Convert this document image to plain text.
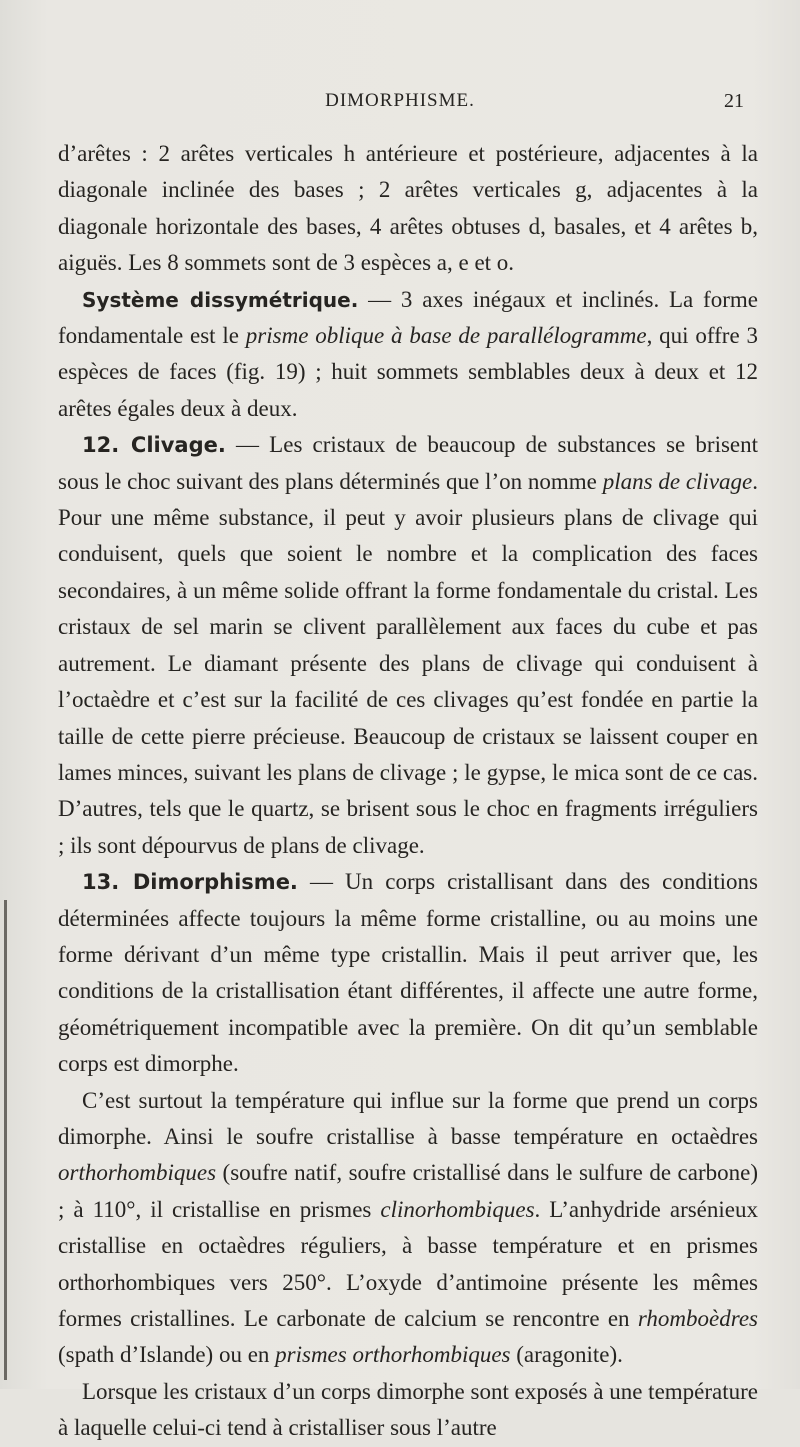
DIMORPHISME.	21

d’arêtes : 2 arêtes verticales h antérieure et postérieure, adjacentes à la diagonale inclinée des bases ; 2 arêtes verticales g, adjacentes à la diagonale horizontale des bases, 4 arêtes obtuses d, basales, et 4 arêtes b, aiguës. Les 8 sommets sont de 3 espèces a, e et o.

Système dissymétrique. — 3 axes inégaux et inclinés. La forme fondamentale est le prisme oblique à base de parallélogramme, qui offre 3 espèces de faces (fig. 19) ; huit sommets semblables deux à deux et 12 arêtes égales deux à deux.

12. Clivage. — Les cristaux de beaucoup de substances se brisent sous le choc suivant des plans déterminés que l’on nomme plans de clivage. Pour une même substance, il peut y avoir plusieurs plans de clivage qui conduisent, quels que soient le nombre et la complication des faces secondaires, à un même solide offrant la forme fondamentale du cristal. Les cristaux de sel marin se clivent parallèlement aux faces du cube et pas autrement. Le diamant présente des plans de clivage qui conduisent à l’octaèdre et c’est sur la facilité de ces clivages qu’est fondée en partie la taille de cette pierre précieuse. Beaucoup de cristaux se laissent couper en lames minces, suivant les plans de clivage ; le gypse, le mica sont de ce cas. D’autres, tels que le quartz, se brisent sous le choc en fragments irréguliers ; ils sont dépourvus de plans de clivage.

13. Dimorphisme. — Un corps cristallisant dans des conditions déterminées affecte toujours la même forme cristalline, ou au moins une forme dérivant d’un même type cristallin. Mais il peut arriver que, les conditions de la cristallisation étant différentes, il affecte une autre forme, géométriquement incompatible avec la première. On dit qu’un semblable corps est dimorphe.

C’est surtout la température qui influe sur la forme que prend un corps dimorphe. Ainsi le soufre cristallise à basse température en octaèdres orthorhombiques (soufre natif, soufre cristallisé dans le sulfure de carbone) ; à 110°, il cristallise en prismes clinorhombiques. L’anhydride arsénieux cristallise en octaèdres réguliers, à basse température et en prismes orthorhombiques vers 250°. L’oxyde d’antimoine présente les mêmes formes cristallines. Le carbonate de calcium se rencontre en rhomboèdres (spath d’Islande) ou en prismes orthorhombiques (aragonite).

Lorsque les cristaux d’un corps dimorphe sont exposés à une température à laquelle celui-ci tend à cristalliser sous l’autre
